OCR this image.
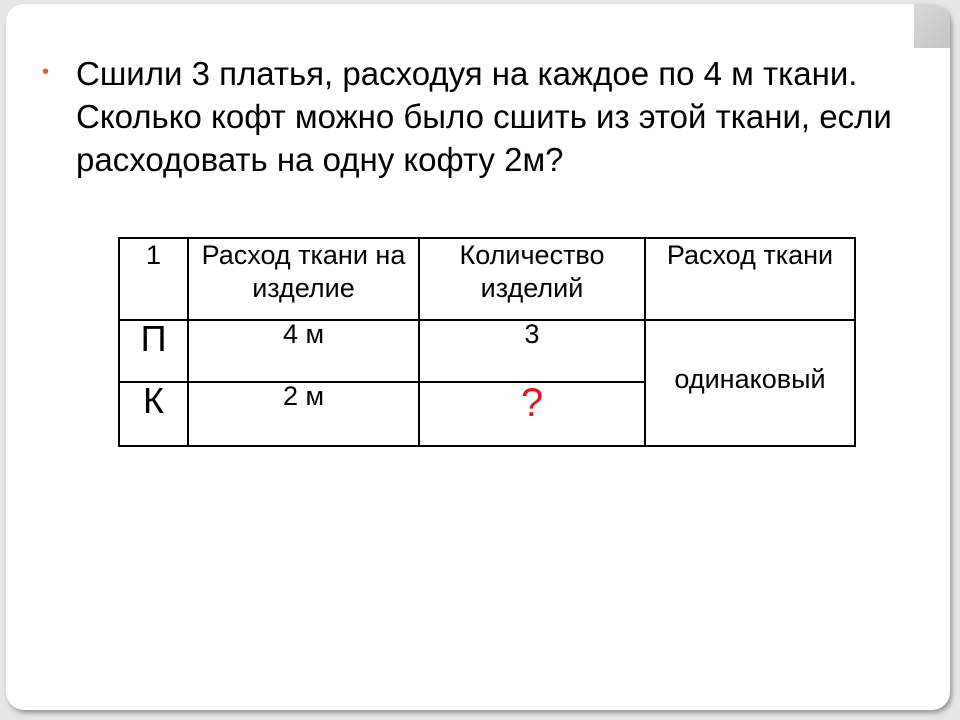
• Сшили 3 платья, расходуя на каждое по 4 м ткани. Сколько кофт можно было сшить из этой ткани, если расходовать на одну кофту 2м?
1	Расход ткани на изделие	Количество изделий	Расход ткани
П	4 м	3	одинаковый
К	2 м	?	
